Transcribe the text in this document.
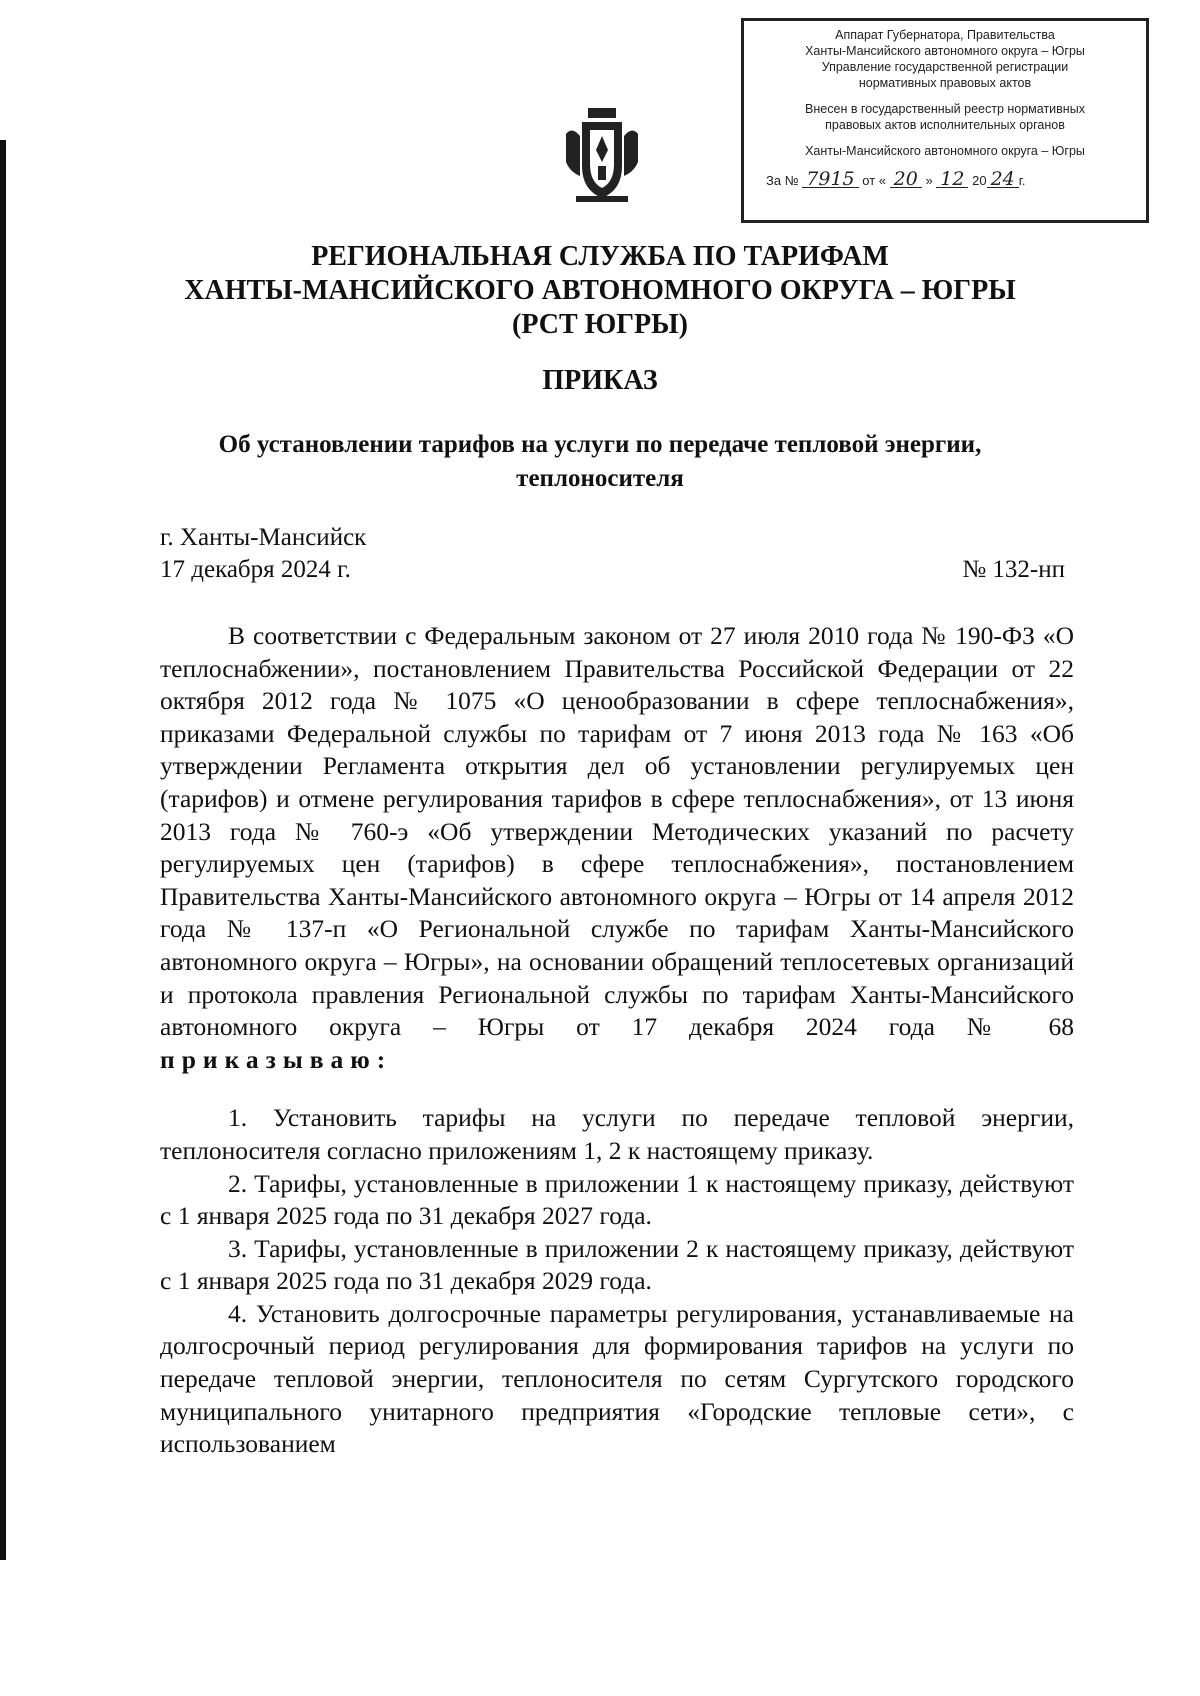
Аппарат Губернатора, Правительства

Ханты-Мансийского автономного округа – Югры

Управление государственной регистрации

нормативных правовых актов

Внесен в государственный реестр нормативных

правовых актов исполнительных органов

Ханты-Мансийского автономного округа – Югры

За № 7915 от « 20 » 12 20 24 г.

РЕГИОНАЛЬНАЯ СЛУЖБА ПО ТАРИФАМ
ХАНТЫ-МАНСИЙСКОГО АВТОНОМНОГО ОКРУГА – ЮГРЫ
(РСТ ЮГРЫ)
ПРИКАЗ
Об установлении тарифов на услуги по передаче тепловой энергии,
теплоносителя
г. Ханты-Мансийск
17 декабря 2024 г.	№ 132-нп

В соответствии с Федеральным законом от 27 июля 2010 года № 190-ФЗ «О теплоснабжении», постановлением Правительства Российской Федерации от 22 октября 2012 года № 1075 «О ценообразовании в сфере теплоснабжения», приказами Федеральной службы по тарифам от 7 июня 2013 года № 163 «Об утверждении Регламента открытия дел об установлении регулируемых цен (тарифов) и отмене регулирования тарифов в сфере теплоснабжения», от 13 июня 2013 года № 760-э «Об утверждении Методических указаний по расчету регулируемых цен (тарифов) в сфере теплоснабжения», постановлением Правительства Ханты-Мансийского автономного округа – Югры от 14 апреля 2012 года № 137-п «О Региональной службе по тарифам Ханты-Мансийского автономного округа – Югры», на основании обращений теплосетевых организаций и протокола правления Региональной службы по тарифам Ханты-Мансийского автономного округа – Югры от 17 декабря 2024 года № 68

приказываю:

1. Установить тарифы на услуги по передаче тепловой энергии, теплоносителя согласно приложениям 1, 2 к настоящему приказу.

2. Тарифы, установленные в приложении 1 к настоящему приказу, действуют с 1 января 2025 года по 31 декабря 2027 года.

3. Тарифы, установленные в приложении 2 к настоящему приказу, действуют с 1 января 2025 года по 31 декабря 2029 года.

4. Установить долгосрочные параметры регулирования, устанавливаемые на долгосрочный период регулирования для формирования тарифов на услуги по передаче тепловой энергии, теплоносителя по сетям Сургутского городского муниципального унитарного предприятия «Городские тепловые сети», с использованием
